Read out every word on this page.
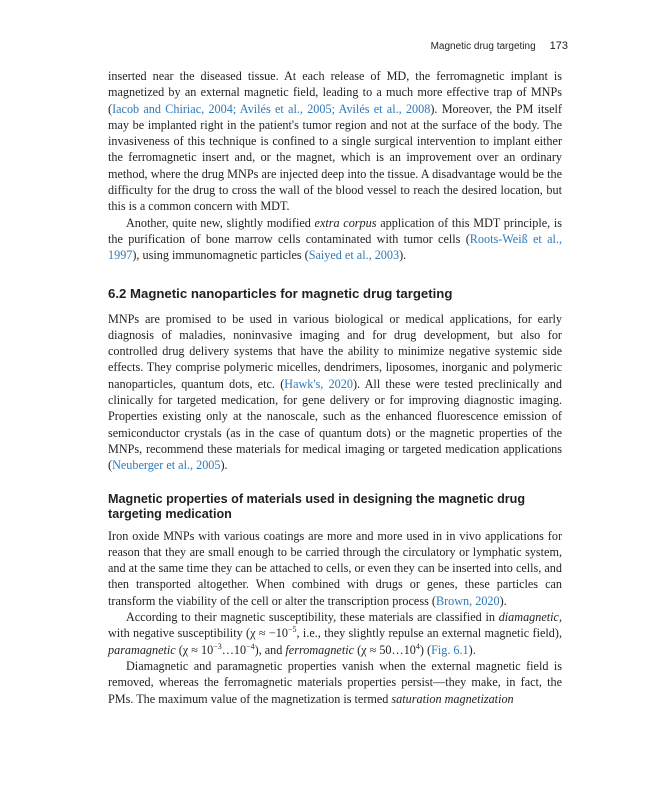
Magnetic drug targeting 173

inserted near the diseased tissue. At each release of MD, the ferromagnetic implant is magnetized by an external magnetic field, leading to a much more effective trap of MNPs (Iacob and Chiriac, 2004; Avilés et al., 2005; Avilés et al., 2008). Moreover, the PM itself may be implanted right in the patient's tumor region and not at the surface of the body. The invasiveness of this technique is confined to a single surgical intervention to implant either the ferromagnetic insert and, or the magnet, which is an improvement over an ordinary method, where the drug MNPs are injected deep into the tissue. A disadvantage would be the difficulty for the drug to cross the wall of the blood vessel to reach the desired location, but this is a common concern with MDT.

Another, quite new, slightly modified extra corpus application of this MDT principle, is the purification of bone marrow cells contaminated with tumor cells (Roots-Weiß et al., 1997), using immunomagnetic particles (Saiyed et al., 2003).

6.2 Magnetic nanoparticles for magnetic drug targeting

MNPs are promised to be used in various biological or medical applications, for early diagnosis of maladies, noninvasive imaging and for drug development, but also for controlled drug delivery systems that have the ability to minimize negative systemic side effects. They comprise polymeric micelles, dendrimers, liposomes, inorganic and polymeric nanoparticles, quantum dots, etc. (Hawk's, 2020). All these were tested preclinically and clinically for targeted medication, for gene delivery or for improving diagnostic imaging. Properties existing only at the nanoscale, such as the enhanced fluorescence emission of semiconductor crystals (as in the case of quantum dots) or the magnetic properties of the MNPs, recommend these materials for medical imaging or targeted medication applications (Neuberger et al., 2005).

Magnetic properties of materials used in designing the magnetic drug targeting medication

Iron oxide MNPs with various coatings are more and more used in in vivo applications for reason that they are small enough to be carried through the circulatory or lymphatic system, and at the same time they can be attached to cells, or even they can be inserted into cells, and then transported altogether. When combined with drugs or genes, these particles can transform the viability of the cell or alter the transcription process (Brown, 2020).

According to their magnetic susceptibility, these materials are classified in diamagnetic, with negative susceptibility ($\chi \approx -10^{-5}$, i.e., they slightly repulse an external magnetic field), paramagnetic $(\chi \approx 10^{-3}\dots 10^{-4})$, and ferromagnetic $(\chi \approx 50\dots 10^4)$ (Fig. 6.1).

Diamagnetic and paramagnetic properties vanish when the external magnetic field is removed, whereas the ferromagnetic materials properties persist—they make, in fact, the PMs. The maximum value of the magnetization is termed saturation magnetization
